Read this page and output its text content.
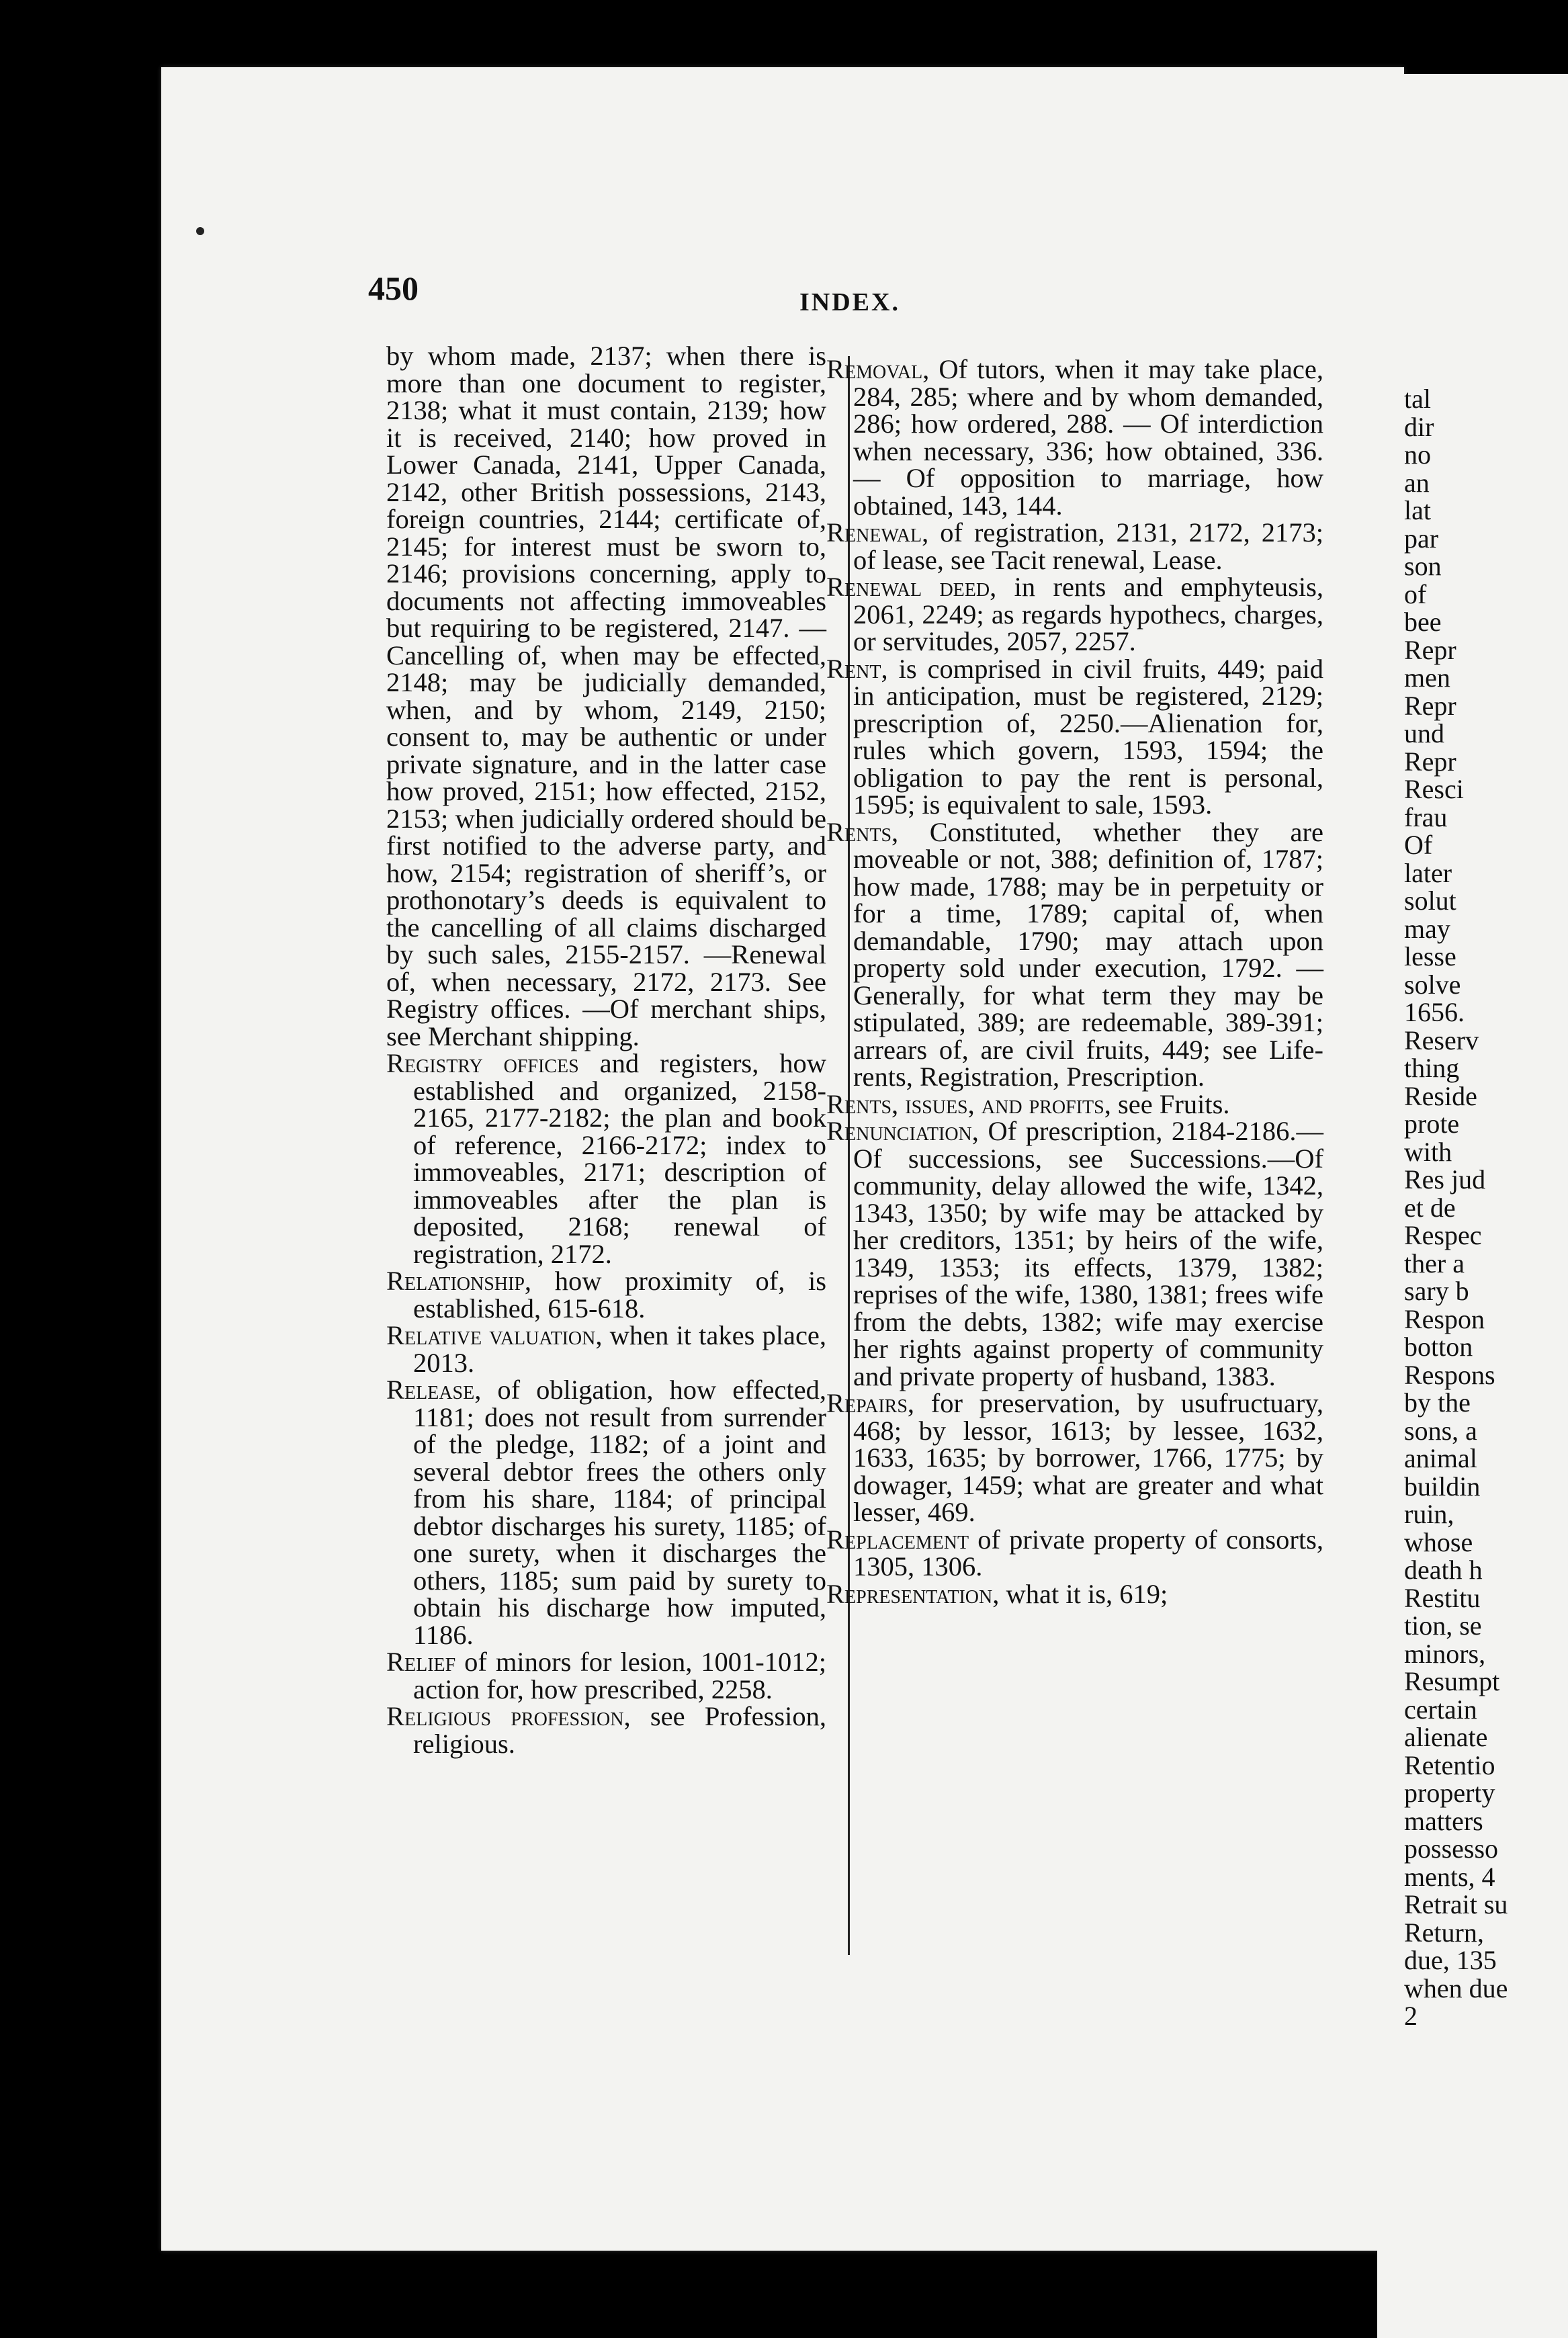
450	INDEX.

by whom made, 2137; when there is more than one document to register, 2138; what it must contain, 2139; how it is received, 2140; how proved in Lower Canada, 2141, Upper Canada, 2142, other British possessions, 2143, foreign countries, 2144; certificate of, 2145; for interest must be sworn to, 2146; provisions concerning, apply to documents not affecting immoveables but requiring to be registered, 2147. —Cancelling of, when may be effected, 2148; may be judicially demanded, when, and by whom, 2149, 2150; consent to, may be authentic or under private signature, and in the latter case how proved, 2151; how effected, 2152, 2153; when judicially ordered should be first notified to the adverse party, and how, 2154; registration of sheriff’s, or prothonotary’s deeds is equivalent to the cancelling of all claims discharged by such sales, 2155-2157. —Renewal of, when necessary, 2172, 2173. See Registry offices. —Of merchant ships, see Merchant shipping.

Registry offices and registers, how established and organized, 2158-2165, 2177-2182; the plan and book of reference, 2166-2172; index to immoveables, 2171; description of immoveables after the plan is deposited, 2168; renewal of registration, 2172.

Relationship, how proximity of, is established, 615-618.

Relative valuation, when it takes place, 2013.

Release, of obligation, how effected, 1181; does not result from surrender of the pledge, 1182; of a joint and several debtor frees the others only from his share, 1184; of principal debtor discharges his surety, 1185; of one surety, when it discharges the others, 1185; sum paid by surety to obtain his discharge how imputed, 1186.

Relief of minors for lesion, 1001-1012; action for, how prescribed, 2258.

Religious profession, see Profession, religious.

Removal, Of tutors, when it may take place, 284, 285; where and by whom demanded, 286; how ordered, 288. — Of interdiction when necessary, 336; how obtained, 336. — Of opposition to marriage, how obtained, 143, 144.

Renewal, of registration, 2131, 2172, 2173; of lease, see Tacit renewal, Lease.

Renewal deed, in rents and emphyteusis, 2061, 2249; as regards hypothecs, charges, or servitudes, 2057, 2257.

Rent, is comprised in civil fruits, 449; paid in anticipation, must be registered, 2129; prescription of, 2250.—Alienation for, rules which govern, 1593, 1594; the obligation to pay the rent is personal, 1595; is equivalent to sale, 1593.

Rents, Constituted, whether they are moveable or not, 388; definition of, 1787; how made, 1788; may be in perpetuity or for a time, 1789; capital of, when demandable, 1790; may attach upon property sold under execution, 1792. —Generally, for what term they may be stipulated, 389; are redeemable, 389-391; arrears of, are civil fruits, 449; see Life-rents, Registration, Prescription.

Rents, issues, and profits, see Fruits.

Renunciation, Of prescription, 2184-2186.—Of successions, see Successions.—Of community, delay allowed the wife, 1342, 1343, 1350; by wife may be attacked by her creditors, 1351; by heirs of the wife, 1349, 1353; its effects, 1379, 1382; reprises of the wife, 1380, 1381; frees wife from the debts, 1382; wife may exercise her rights against property of community and private property of husband, 1383.

Repairs, for preservation, by usufructuary, 468; by lessor, 1613; by lessee, 1632, 1633, 1635; by borrower, 1766, 1775; by dowager, 1459; what are greater and what lesser, 469.

Replacement of private property of consorts, 1305, 1306.

Representation, what it is, 619;

tal
dir
no
an
lat
par
son
of
bee
Repr
men
Repr
und
Repr
Resci
frau
Of
later
solut
may
lesse
solve
1656.
Reserv
thing
Reside
prote
with
Res jud
et de
Respec
ther a
sary b
Respon
botton
Respons
by the
sons, a
animal
buildin
ruin,
whose
death h
Restitu
tion, se
minors,
Resumpt
certain
alienate
Retentio
property
matters
possesso
ments, 4
Retrait su
Return,
due, 135
when due
2
